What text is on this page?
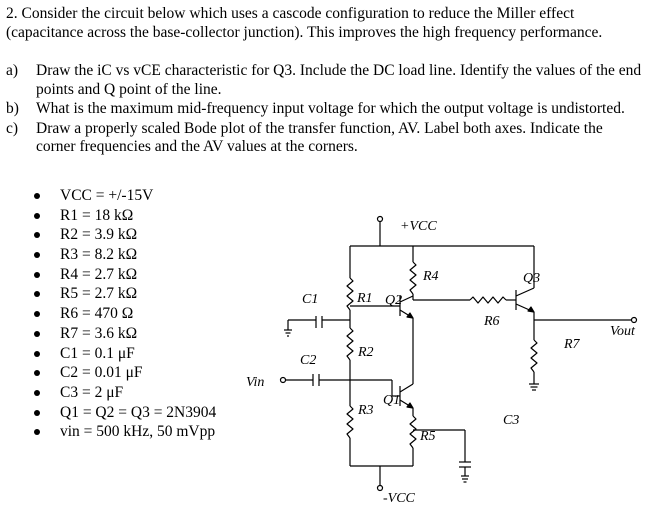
2. Consider the circuit below which uses a cascode configuration to reduce the Miller effect (capacitance across the base-collector junction). This improves the high frequency performance.
a)	Draw the iC vs vCE characteristic for Q3. Include the DC load line. Identify the values of the end points and Q point of the line.
b)	What is the maximum mid-frequency input voltage for which the output voltage is undistorted.
c)	Draw a properly scaled Bode plot of the transfer function, AV. Label both axes. Indicate the corner frequencies and the AV values at the corners.
VCC = +/-15V
R1 = 18 kΩ
R2 = 3.9 kΩ
R3 = 8.2 kΩ
R4 = 2.7 kΩ
R5 = 2.7 kΩ
R6 = 470 Ω
R7 = 3.6 kΩ
C1 = 0.1 μF
C2 = 0.01 μF
C3 = 2 μF
Q1 = Q2 = Q3 = 2N3904
vin = 500 kHz, 50 mVpp
+VCC
-VCC
Vin
Vout
R1
R2
R3
R4
R5
R6
R7
C1
C2
C3
Q1
Q2
Q3
